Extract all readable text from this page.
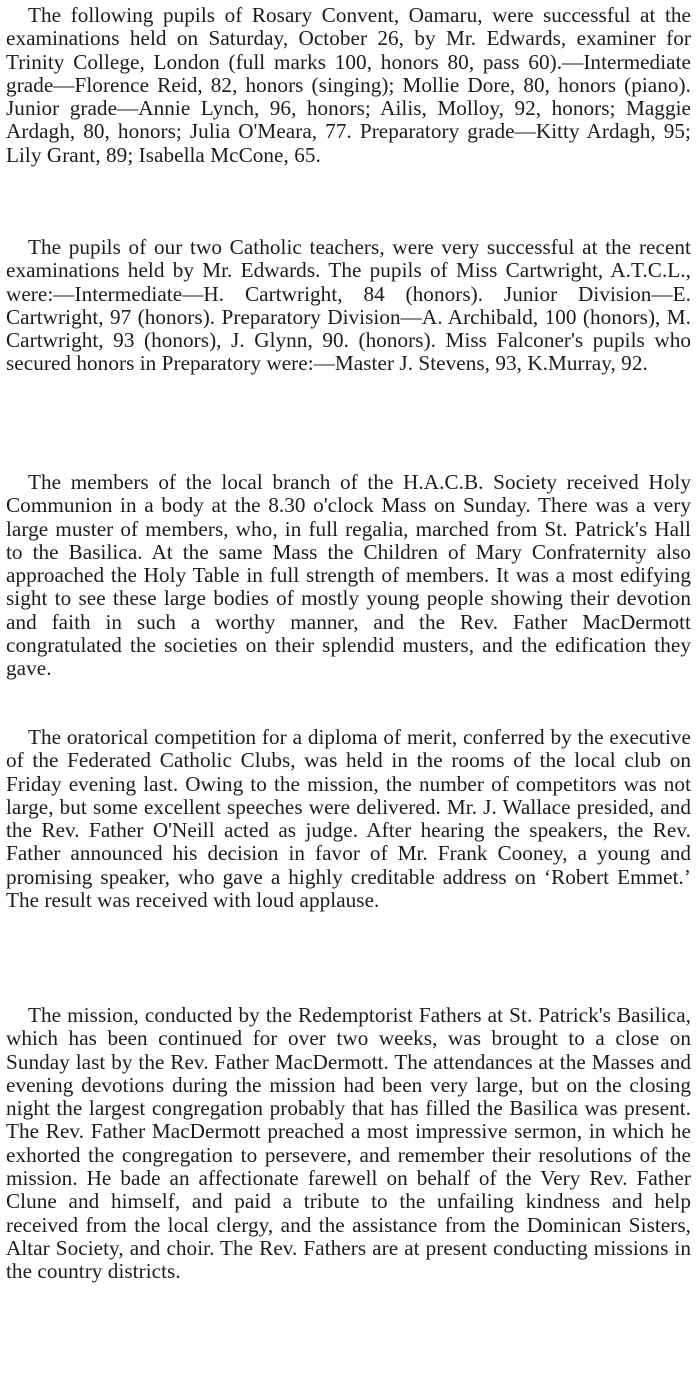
The following pupils of Rosary Convent, Oamaru, were successful at the examinations held on Saturday, October 26, by Mr. Edwards, examiner for Trinity College, London (full marks 100, honors 80, pass 60).—Intermediate grade—Florence Reid, 82, honors (singing); Mollie Dore, 80, honors (piano). Junior grade—Annie Lynch, 96, honors; Ailis, Molloy, 92, honors; Maggie Ardagh, 80, honors; Julia O'Meara, 77. Preparatory grade—Kitty Ardagh, 95; Lily Grant, 89; Isabella McCone, 65.

The pupils of our two Catholic teachers, were very successful at the recent examinations held by Mr. Edwards. The pupils of Miss Cartwright, A.T.C.L., were:—Intermediate—H. Cartwright, 84 (honors). Junior Division—E. Cartwright, 97 (honors). Preparatory Division—A. Archibald, 100 (honors), M. Cartwright, 93 (honors), J. Glynn, 90. (honors). Miss Falconer's pupils who secured honors in Preparatory were:—Master J. Stevens, 93, K.Murray, 92.

The members of the local branch of the H.A.C.B. Society received Holy Communion in a body at the 8.30 o'clock Mass on Sunday. There was a very large muster of members, who, in full regalia, marched from St. Patrick's Hall to the Basilica. At the same Mass the Children of Mary Confraternity also approached the Holy Table in full strength of members. It was a most edifying sight to see these large bodies of mostly young people showing their devotion and faith in such a worthy manner, and the Rev. Father MacDermott congratulated the societies on their splendid musters, and the edification they gave.

The oratorical competition for a diploma of merit, conferred by the executive of the Federated Catholic Clubs, was held in the rooms of the local club on Friday evening last. Owing to the mission, the number of competitors was not large, but some excellent speeches were delivered. Mr. J. Wallace presided, and the Rev. Father O'Neill acted as judge. After hearing the speakers, the Rev. Father announced his decision in favor of Mr. Frank Cooney, a young and promising speaker, who gave a highly creditable address on ‘Robert Emmet.’ The result was received with loud applause.

The mission, conducted by the Redemptorist Fathers at St. Patrick's Basilica, which has been continued for over two weeks, was brought to a close on Sunday last by the Rev. Father MacDermott. The attendances at the Masses and evening devotions during the mission had been very large, but on the closing night the largest congregation probably that has filled the Basilica was present. The Rev. Father MacDermott preached a most impressive sermon, in which he exhorted the congregation to persevere, and remember their resolutions of the mission. He bade an affectionate farewell on behalf of the Very Rev. Father Clune and himself, and paid a tribute to the unfailing kindness and help received from the local clergy, and the assistance from the Dominican Sisters, Altar Society, and choir. The Rev. Fathers are at present conducting missions in the country districts.
